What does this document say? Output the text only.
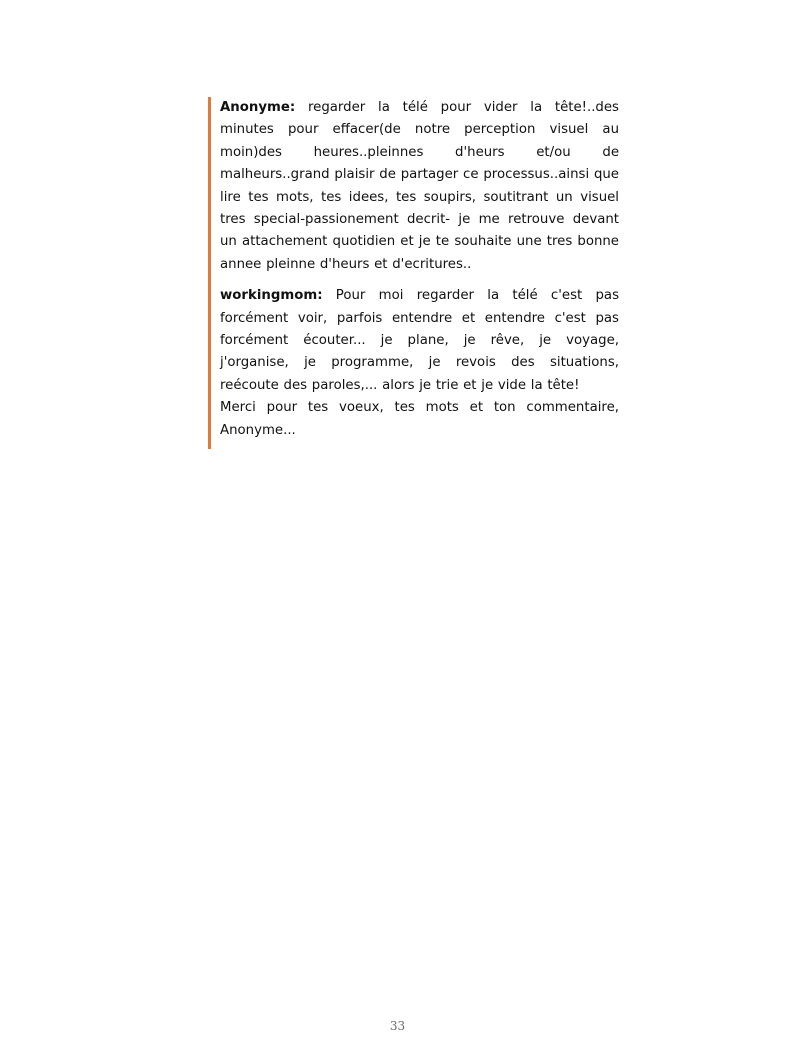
Anonyme: regarder la télé pour vider la tête!..des minutes pour effacer(de notre perception visuel au moin)des heures..pleinnes d'heurs et/ou de malheurs..grand plaisir de partager ce processus..ainsi que lire tes mots, tes idees, tes soupirs, soutitrant un visuel tres special-passionement decrit- je me retrouve devant un attachement quotidien et je te souhaite une tres bonne annee pleinne d'heurs et d'ecritures..

workingmom: Pour moi regarder la télé c'est pas forcément voir, parfois entendre et entendre c'est pas forcément écouter... je plane, je rêve, je voyage, j'organise, je programme, je revois des situations, reécoute des paroles,... alors je trie et je vide la tête!
Merci pour tes voeux, tes mots et ton commentaire, Anonyme...

33
